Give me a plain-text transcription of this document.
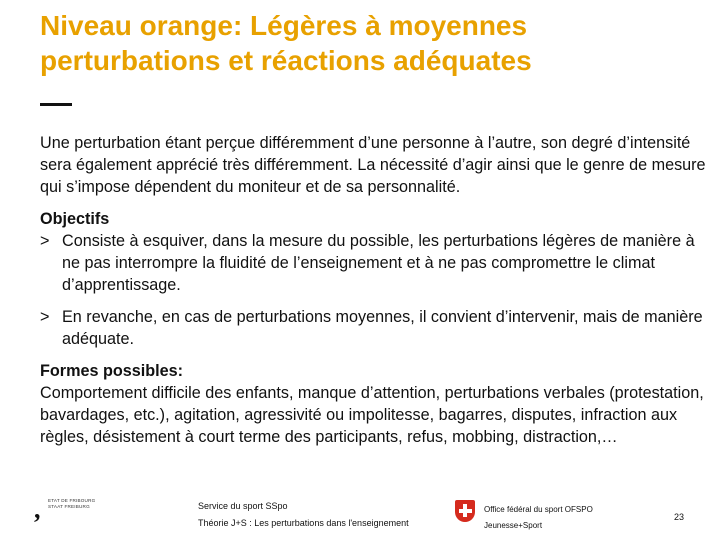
Niveau orange: Légères à moyennes
perturbations et réactions adéquates

Une perturbation étant perçue différemment d’une personne à l’autre, son degré d’intensité sera également apprécié très différemment. La nécessité d’agir ainsi que le genre de mesure qui s’impose dépendent du moniteur et de sa personnalité.

Objectifs

> Consiste à esquiver, dans la mesure du possible, les perturbations légères de manière à ne pas interrompre la fluidité de l’enseignement et à ne pas compromettre le climat d’apprentissage.
> En revanche, en cas de perturbations moyennes, il convient d’intervenir, mais de manière adéquate.

Formes possibles:

Comportement difficile des enfants, manque d’attention, perturbations verbales (protestation, bavardages, etc.), agitation, agressivité ou impolitesse, bagarres, disputes, infraction aux règles, désistement à court terme des participants, refus, mobbing, distraction,…

,	ETAT DE FRIBOURG
STAAT FREIBURG	Service du sport SSpo
Théorie J+S : Les perturbations dans l'enseignement
Office fédéral du sport OFSPO
Jeunesse+Sport
23
